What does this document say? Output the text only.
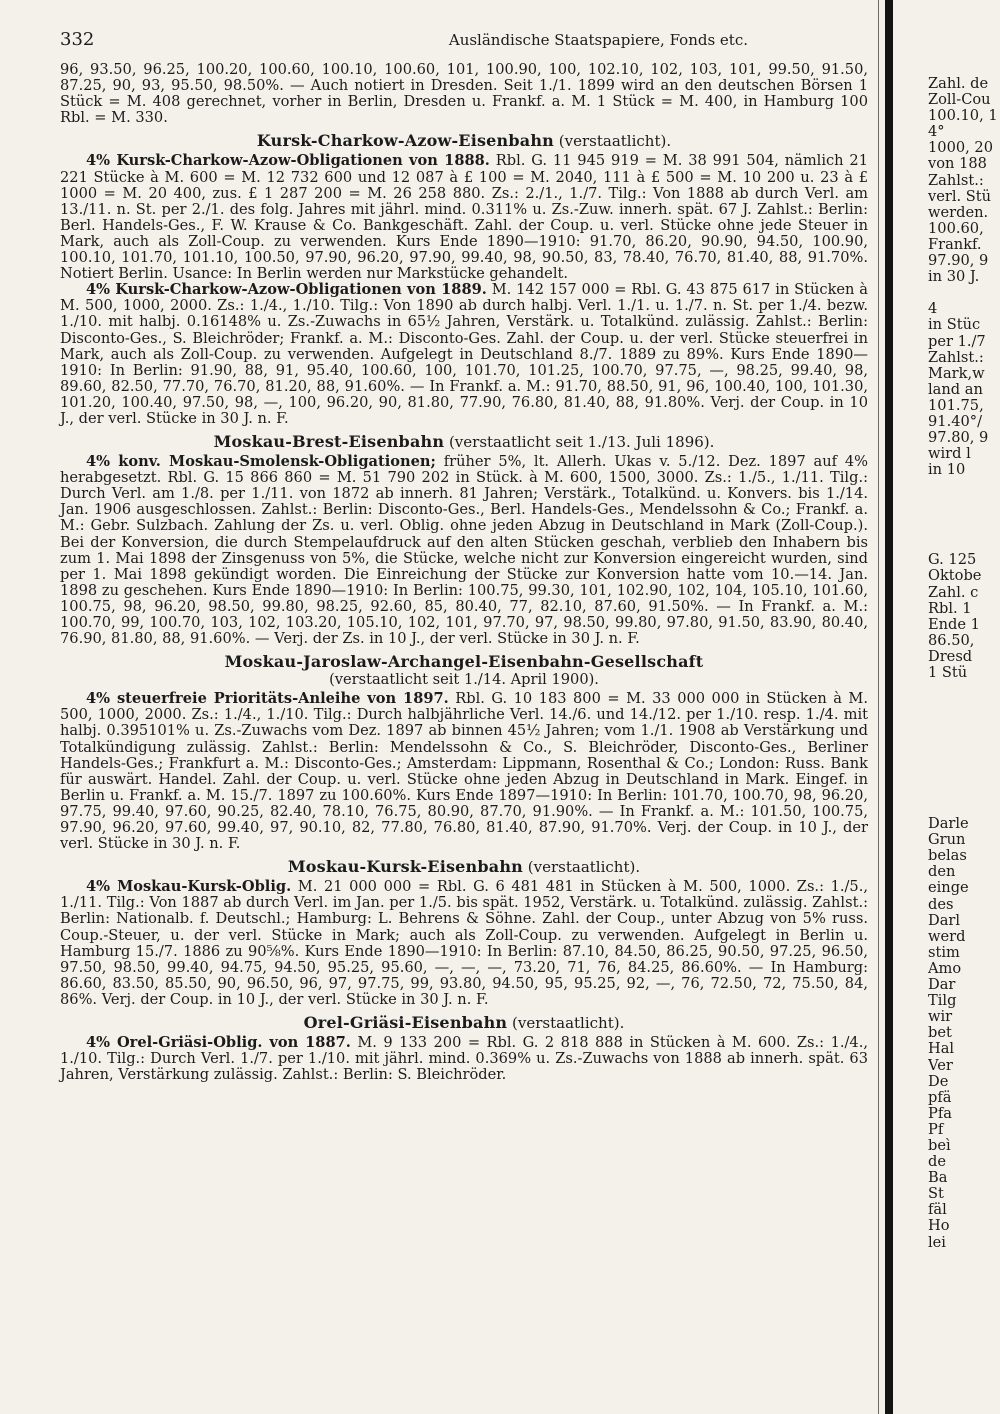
332	Ausländische Staatspapiere, Fonds etc.

96, 93.50, 96.25, 100.20, 100.60, 100.10, 100.60, 101, 100.90, 100, 102.10, 102, 103, 101, 99.50, 91.50, 87.25, 90, 93, 95.50, 98.50%. — Auch notiert in Dresden. Seit 1./1. 1899 wird an den deutschen Börsen 1 Stück = M. 408 gerechnet, vorher in Berlin, Dresden u. Frankf. a. M. 1 Stück = M. 400, in Hamburg 100 Rbl. = M. 330.

Kursk-Charkow-Azow-Eisenbahn (verstaatlicht).

4% Kursk-Charkow-Azow-Obligationen von 1888. Rbl. G. 11 945 919 = M. 38 991 504, nämlich 21 221 Stücke à M. 600 = M. 12 732 600 und 12 087 à £ 100 = M. 2040, 111 à £ 500 = M. 10 200 u. 23 à £ 1000 = M. 20 400, zus. £ 1 287 200 = M. 26 258 880. Zs.: 2./1., 1./7. Tilg.: Von 1888 ab durch Verl. am 13./11. n. St. per 2./1. des folg. Jahres mit jährl. mind. 0.311% u. Zs.-Zuw. innerh. spät. 67 J. Zahlst.: Berlin: Berl. Handels-Ges., F. W. Krause & Co. Bankgeschäft. Zahl. der Coup. u. verl. Stücke ohne jede Steuer in Mark, auch als Zoll-Coup. zu verwenden. Kurs Ende 1890—1910: 91.70, 86.20, 90.90, 94.50, 100.90, 100.10, 101.70, 101.10, 100.50, 97.90, 96.20, 97.90, 99.40, 98, 90.50, 83, 78.40, 76.70, 81.40, 88, 91.70%. Notiert Berlin. Usance: In Berlin werden nur Markstücke gehandelt.

4% Kursk-Charkow-Azow-Obligationen von 1889. M. 142 157 000 = Rbl. G. 43 875 617 in Stücken à M. 500, 1000, 2000. Zs.: 1./4., 1./10. Tilg.: Von 1890 ab durch halbj. Verl. 1./1. u. 1./7. n. St. per 1./4. bezw. 1./10. mit halbj. 0.16148% u. Zs.-Zuwachs in 65½ Jahren, Verstärk. u. Totalkünd. zulässig. Zahlst.: Berlin: Disconto-Ges., S. Bleichröder; Frankf. a. M.: Disconto-Ges. Zahl. der Coup. u. der verl. Stücke steuerfrei in Mark, auch als Zoll-Coup. zu verwenden. Aufgelegt in Deutschland 8./7. 1889 zu 89%. Kurs Ende 1890—1910: In Berlin: 91.90, 88, 91, 95.40, 100.60, 100, 101.70, 101.25, 100.70, 97.75, —, 98.25, 99.40, 98, 89.60, 82.50, 77.70, 76.70, 81.20, 88, 91.60%. — In Frankf. a. M.: 91.70, 88.50, 91, 96, 100.40, 100, 101.30, 101.20, 100.40, 97.50, 98, —, 100, 96.20, 90, 81.80, 77.90, 76.80, 81.40, 88, 91.80%. Verj. der Coup. in 10 J., der verl. Stücke in 30 J. n. F.

Moskau-Brest-Eisenbahn (verstaatlicht seit 1./13. Juli 1896).

4% konv. Moskau-Smolensk-Obligationen; früher 5%, lt. Allerh. Ukas v. 5./12. Dez. 1897 auf 4% herabgesetzt. Rbl. G. 15 866 860 = M. 51 790 202 in Stück. à M. 600, 1500, 3000. Zs.: 1./5., 1./11. Tilg.: Durch Verl. am 1./8. per 1./11. von 1872 ab innerh. 81 Jahren; Verstärk., Totalkünd. u. Konvers. bis 1./14. Jan. 1906 ausgeschlossen. Zahlst.: Berlin: Disconto-Ges., Berl. Handels-Ges., Mendelssohn & Co.; Frankf. a. M.: Gebr. Sulzbach. Zahlung der Zs. u. verl. Oblig. ohne jeden Abzug in Deutschland in Mark (Zoll-Coup.). Bei der Konversion, die durch Stempelaufdruck auf den alten Stücken geschah, verblieb den Inhabern bis zum 1. Mai 1898 der Zinsgenuss von 5%, die Stücke, welche nicht zur Konversion eingereicht wurden, sind per 1. Mai 1898 gekündigt worden. Die Einreichung der Stücke zur Konversion hatte vom 10.—14. Jan. 1898 zu geschehen. Kurs Ende 1890—1910: In Berlin: 100.75, 99.30, 101, 102.90, 102, 104, 105.10, 101.60, 100.75, 98, 96.20, 98.50, 99.80, 98.25, 92.60, 85, 80.40, 77, 82.10, 87.60, 91.50%. — In Frankf. a. M.: 100.70, 99, 100.70, 103, 102, 103.20, 105.10, 102, 101, 97.70, 97, 98.50, 99.80, 97.80, 91.50, 83.90, 80.40, 76.90, 81.80, 88, 91.60%. — Verj. der Zs. in 10 J., der verl. Stücke in 30 J. n. F.

Moskau-Jaroslaw-Archangel-Eisenbahn-Gesellschaft
(verstaatlicht seit 1./14. April 1900).

4% steuerfreie Prioritäts-Anleihe von 1897. Rbl. G. 10 183 800 = M. 33 000 000 in Stücken à M. 500, 1000, 2000. Zs.: 1./4., 1./10. Tilg.: Durch halbjährliche Verl. 14./6. und 14./12. per 1./10. resp. 1./4. mit halbj. 0.395101% u. Zs.-Zuwachs vom Dez. 1897 ab binnen 45½ Jahren; vom 1./1. 1908 ab Verstärkung und Totalkündigung zulässig. Zahlst.: Berlin: Mendelssohn & Co., S. Bleichröder, Disconto-Ges., Berliner Handels-Ges.; Frankfurt a. M.: Disconto-Ges.; Amsterdam: Lippmann, Rosenthal & Co.; London: Russ. Bank für auswärt. Handel. Zahl. der Coup. u. verl. Stücke ohne jeden Abzug in Deutschland in Mark. Eingef. in Berlin u. Frankf. a. M. 15./7. 1897 zu 100.60%. Kurs Ende 1897—1910: In Berlin: 101.70, 100.70, 98, 96.20, 97.75, 99.40, 97.60, 90.25, 82.40, 78.10, 76.75, 80.90, 87.70, 91.90%. — In Frankf. a. M.: 101.50, 100.75, 97.90, 96.20, 97.60, 99.40, 97, 90.10, 82, 77.80, 76.80, 81.40, 87.90, 91.70%. Verj. der Coup. in 10 J., der verl. Stücke in 30 J. n. F.

Moskau-Kursk-Eisenbahn (verstaatlicht).

4% Moskau-Kursk-Oblig. M. 21 000 000 = Rbl. G. 6 481 481 in Stücken à M. 500, 1000. Zs.: 1./5., 1./11. Tilg.: Von 1887 ab durch Verl. im Jan. per 1./5. bis spät. 1952, Verstärk. u. Totalkünd. zulässig. Zahlst.: Berlin: Nationalb. f. Deutschl.; Hamburg: L. Behrens & Söhne. Zahl. der Coup., unter Abzug von 5% russ. Coup.-Steuer, u. der verl. Stücke in Mark; auch als Zoll-Coup. zu verwenden. Aufgelegt in Berlin u. Hamburg 15./7. 1886 zu 90⅝%. Kurs Ende 1890—1910: In Berlin: 87.10, 84.50, 86.25, 90.50, 97.25, 96.50, 97.50, 98.50, 99.40, 94.75, 94.50, 95.25, 95.60, —, —, —, 73.20, 71, 76, 84.25, 86.60%. — In Hamburg: 86.60, 83.50, 85.50, 90, 96.50, 96, 97, 97.75, 99, 93.80, 94.50, 95, 95.25, 92, —, 76, 72.50, 72, 75.50, 84, 86%. Verj. der Coup. in 10 J., der verl. Stücke in 30 J. n. F.

Orel-Griäsi-Eisenbahn (verstaatlicht).

4% Orel-Griäsi-Oblig. von 1887. M. 9 133 200 = Rbl. G. 2 818 888 in Stücken à M. 600. Zs.: 1./4., 1./10. Tilg.: Durch Verl. 1./7. per 1./10. mit jährl. mind. 0.369% u. Zs.-Zuwachs von 1888 ab innerh. spät. 63 Jahren, Verstärkung zulässig. Zahlst.: Berlin: S. Bleichröder.

Zahl. de
Zoll-Cou
100.10, 1
4°
1000, 20
von 188
Zahlst.:
verl. Stü
werden.
100.60,
Frankf.
97.90, 9
in 30 J.
4
in Stüc
per 1./7
Zahlst.:
Mark,w
land an
101.75,
91.40°/
97.80, 9
wird l
in 10
G. 125
Oktobe
Zahl. c
Rbl. 1
Ende 1
86.50,
Dresd
1 Stü
Darle
Grun
belas
den
einge
des
Darl
werd
stim
Amo
Dar
Tilg
wir
bet
Hal
Ver
De
pfä
Pfa
Pf
beì
de
Ba
St
fäl
Ho
lei
